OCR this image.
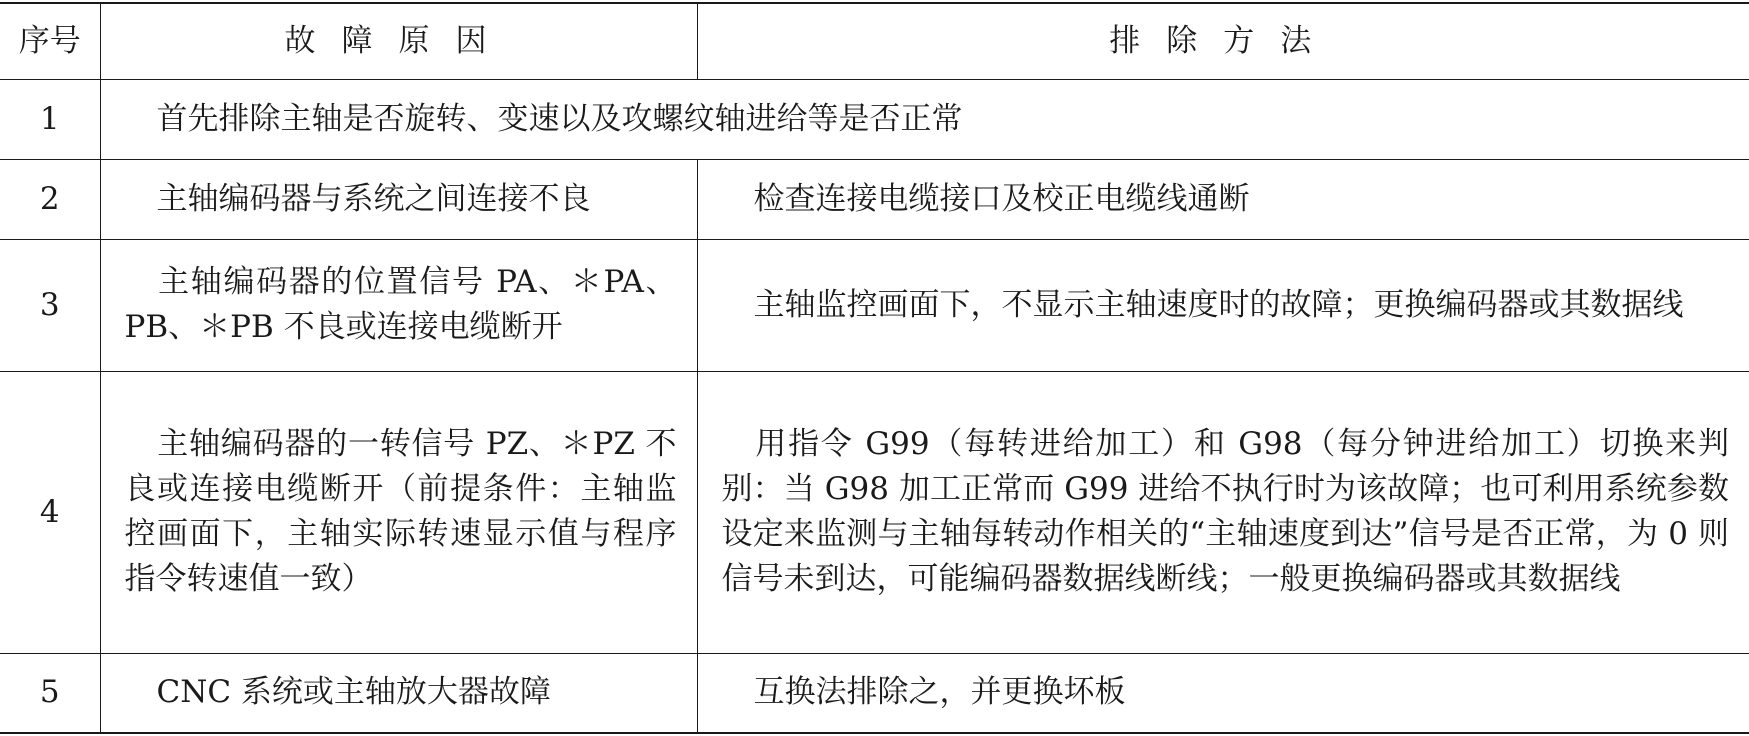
序号	故障原因	排除方法
1	首先排除主轴是否旋转、变速以及攻螺纹轴进给等是否正常	
2	主轴编码器与系统之间连接不良	检查连接电缆接口及校正电缆线通断
3	主轴编码器的位置信号 PA、＊PA、PB、＊PB 不良或连接电缆断开	主轴监控画面下，不显示主轴速度时的故障；更换编码器或其数据线
4	主轴编码器的一转信号 PZ、＊PZ 不良或连接电缆断开（前提条件：主轴监控画面下，主轴实际转速显示值与程序指令转速值一致）	用指令 G99（每转进给加工）和 G98（每分钟进给加工）切换来判别：当 G98 加工正常而 G99 进给不执行时为该故障；也可利用系统参数设定来监测与主轴每转动作相关的“主轴速度到达”信号是否正常，为 0 则信号未到达，可能编码器数据线断线；一般更换编码器或其数据线
5	CNC 系统或主轴放大器故障	互换法排除之，并更换坏板
